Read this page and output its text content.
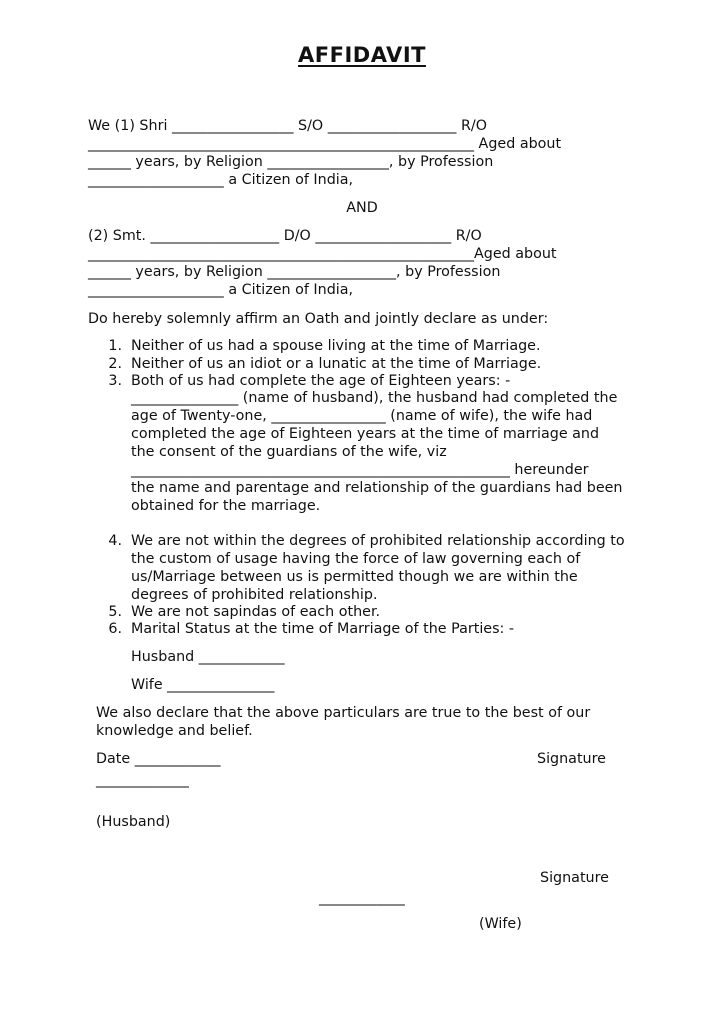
AFFIDAVIT
We (1) Shri _________________ S/O __________________ R/O
______________________________________________________ Aged about
______ years, by Religion _________________, by Profession
___________________ a Citizen of India,
AND
(2) Smt. __________________ D/O ___________________ R/O
______________________________________________________Aged about
______ years, by Religion __________________, by Profession
___________________ a Citizen of India,
Do hereby solemnly affirm an Oath and jointly declare as under:
1. Neither of us had a spouse living at the time of Marriage.
2. Neither of us an idiot or a lunatic at the time of Marriage.
3. Both of us had complete the age of Eighteen years: -
_______________ (name of husband), the husband had completed the
age of Twenty-one, ________________ (name of wife), the wife had
completed the age of Eighteen years at the time of marriage and
the consent of the guardians of the wife, viz
_____________________________________________________ hereunder
the name and parentage and relationship of the guardians had been
obtained for the marriage.
4. We are not within the degrees of prohibited relationship according to
the custom of usage having the force of law governing each of
us/Marriage between us is permitted though we are within the
degrees of prohibited relationship.
5. We are not sapindas of each other.
6. Marital Status at the time of Marriage of the Parties: -
Husband ____________
Wife _______________
We also declare that the above particulars are true to the best of our
knowledge and belief.
Date ____________	Signature
_____________
(Husband)
Signature
____________
(Wife)
